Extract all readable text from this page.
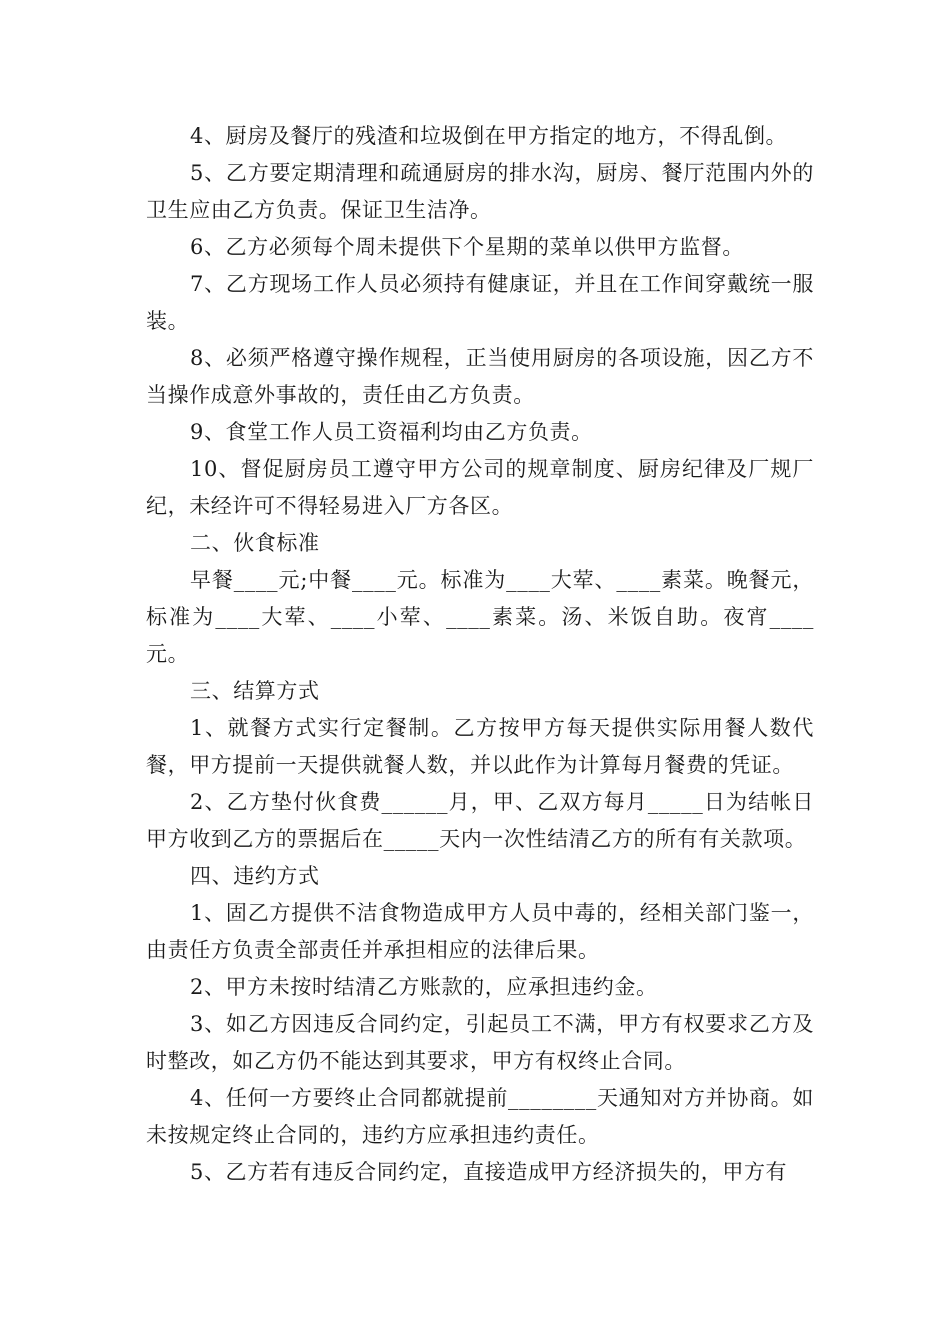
4、厨房及餐厅的残渣和垃圾倒在甲方指定的地方，不得乱倒。

5、乙方要定期清理和疏通厨房的排水沟，厨房、餐厅范围内外的卫生应由乙方负责。保证卫生洁净。

6、乙方必须每个周未提供下个星期的菜单以供甲方监督。

7、乙方现场工作人员必须持有健康证，并且在工作间穿戴统一服装。

8、必须严格遵守操作规程，正当使用厨房的各项设施，因乙方不当操作成意外事故的，责任由乙方负责。

9、食堂工作人员工资福利均由乙方负责。

10、督促厨房员工遵守甲方公司的规章制度、厨房纪律及厂规厂纪，未经许可不得轻易进入厂方各区。

二、伙食标准

早餐____元;中餐____元。标准为____大荤、____素菜。晚餐元，标准为____大荤、____小荤、____素菜。汤、米饭自助。夜宵____元。

三、结算方式

1、就餐方式实行定餐制。乙方按甲方每天提供实际用餐人数代餐，甲方提前一天提供就餐人数，并以此作为计算每月餐费的凭证。

2、乙方垫付伙食费______月，甲、乙双方每月_____日为结帐日甲方收到乙方的票据后在_____天内一次性结清乙方的所有有关款项。

四、违约方式

1、固乙方提供不洁食物造成甲方人员中毒的，经相关部门鉴一，由责任方负责全部责任并承担相应的法律后果。

2、甲方未按时结清乙方账款的，应承担违约金。

3、如乙方因违反合同约定，引起员工不满，甲方有权要求乙方及时整改，如乙方仍不能达到其要求，甲方有权终止合同。

4、任何一方要终止合同都就提前________天通知对方并协商。如未按规定终止合同的，违约方应承担违约责任。

5、乙方若有违反合同约定，直接造成甲方经济损失的，甲方有
